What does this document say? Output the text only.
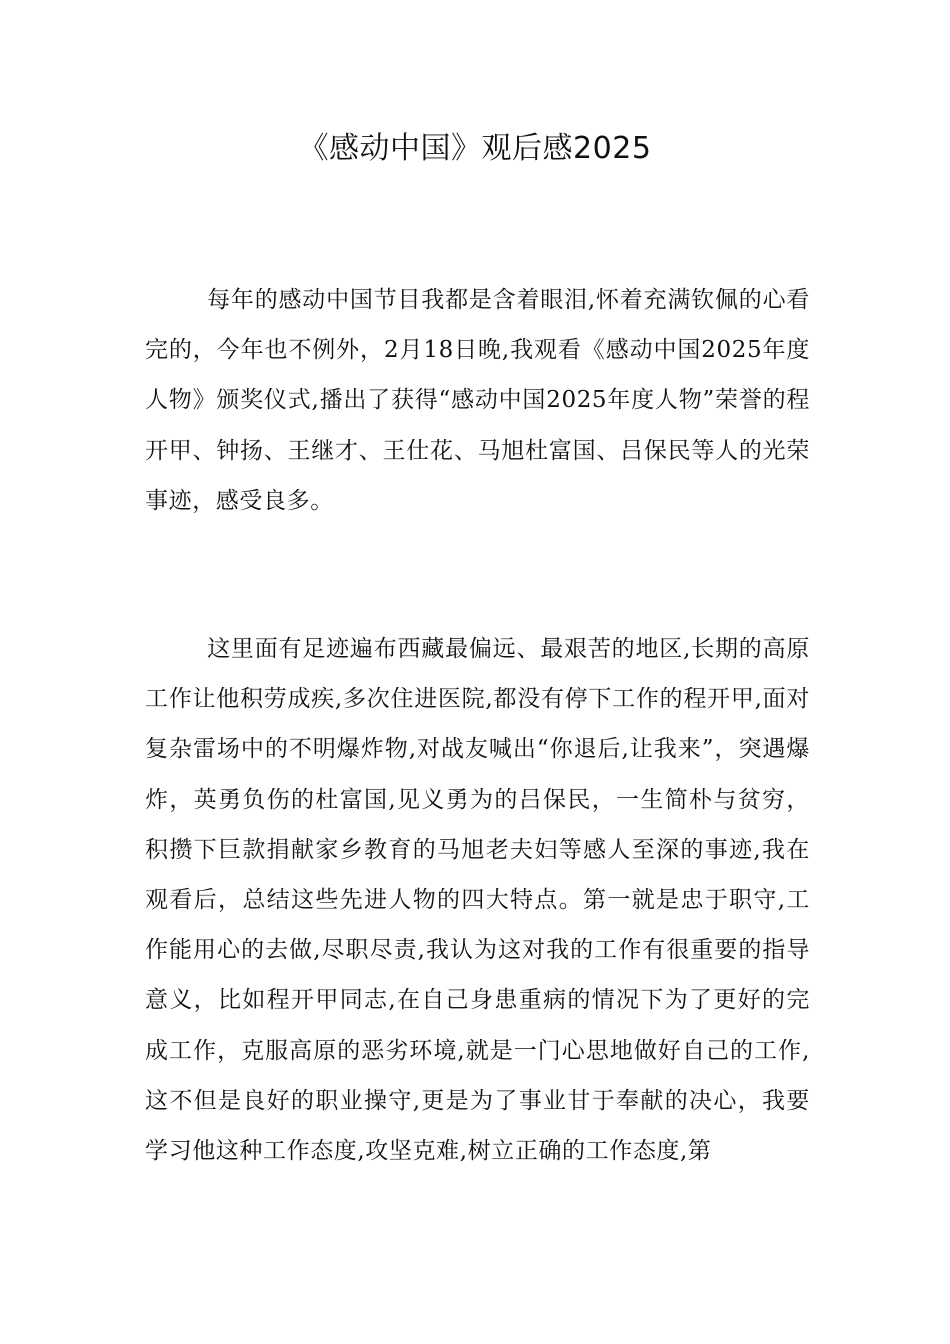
《感动中国》观后感2025

每年的感动中国节目我都是含着眼泪,怀着充满钦佩的心看完的，今年也不例外，2月18日晚,我观看《感动中国2025年度人物》颁奖仪式,播出了获得“感动中国2025年度人物”荣誉的程开甲、钟扬、王继才、王仕花、马旭杜富国、吕保民等人的光荣事迹，感受良多。

这里面有足迹遍布西藏最偏远、最艰苦的地区,长期的高原工作让他积劳成疾,多次住进医院,都没有停下工作的程开甲,面对复杂雷场中的不明爆炸物,对战友喊出“你退后,让我来”，突遇爆炸，英勇负伤的杜富国,见义勇为的吕保民，一生简朴与贫穷，积攒下巨款捐献家乡教育的马旭老夫妇等感人至深的事迹,我在观看后，总结这些先进人物的四大特点。第一就是忠于职守,工作能用心的去做,尽职尽责,我认为这对我的工作有很重要的指导意义，比如程开甲同志,在自己身患重病的情况下为了更好的完成工作，克服高原的恶劣环境,就是一门心思地做好自己的工作,这不但是良好的职业操守,更是为了事业甘于奉献的决心，我要学习他这种工作态度,攻坚克难,树立正确的工作态度,第
